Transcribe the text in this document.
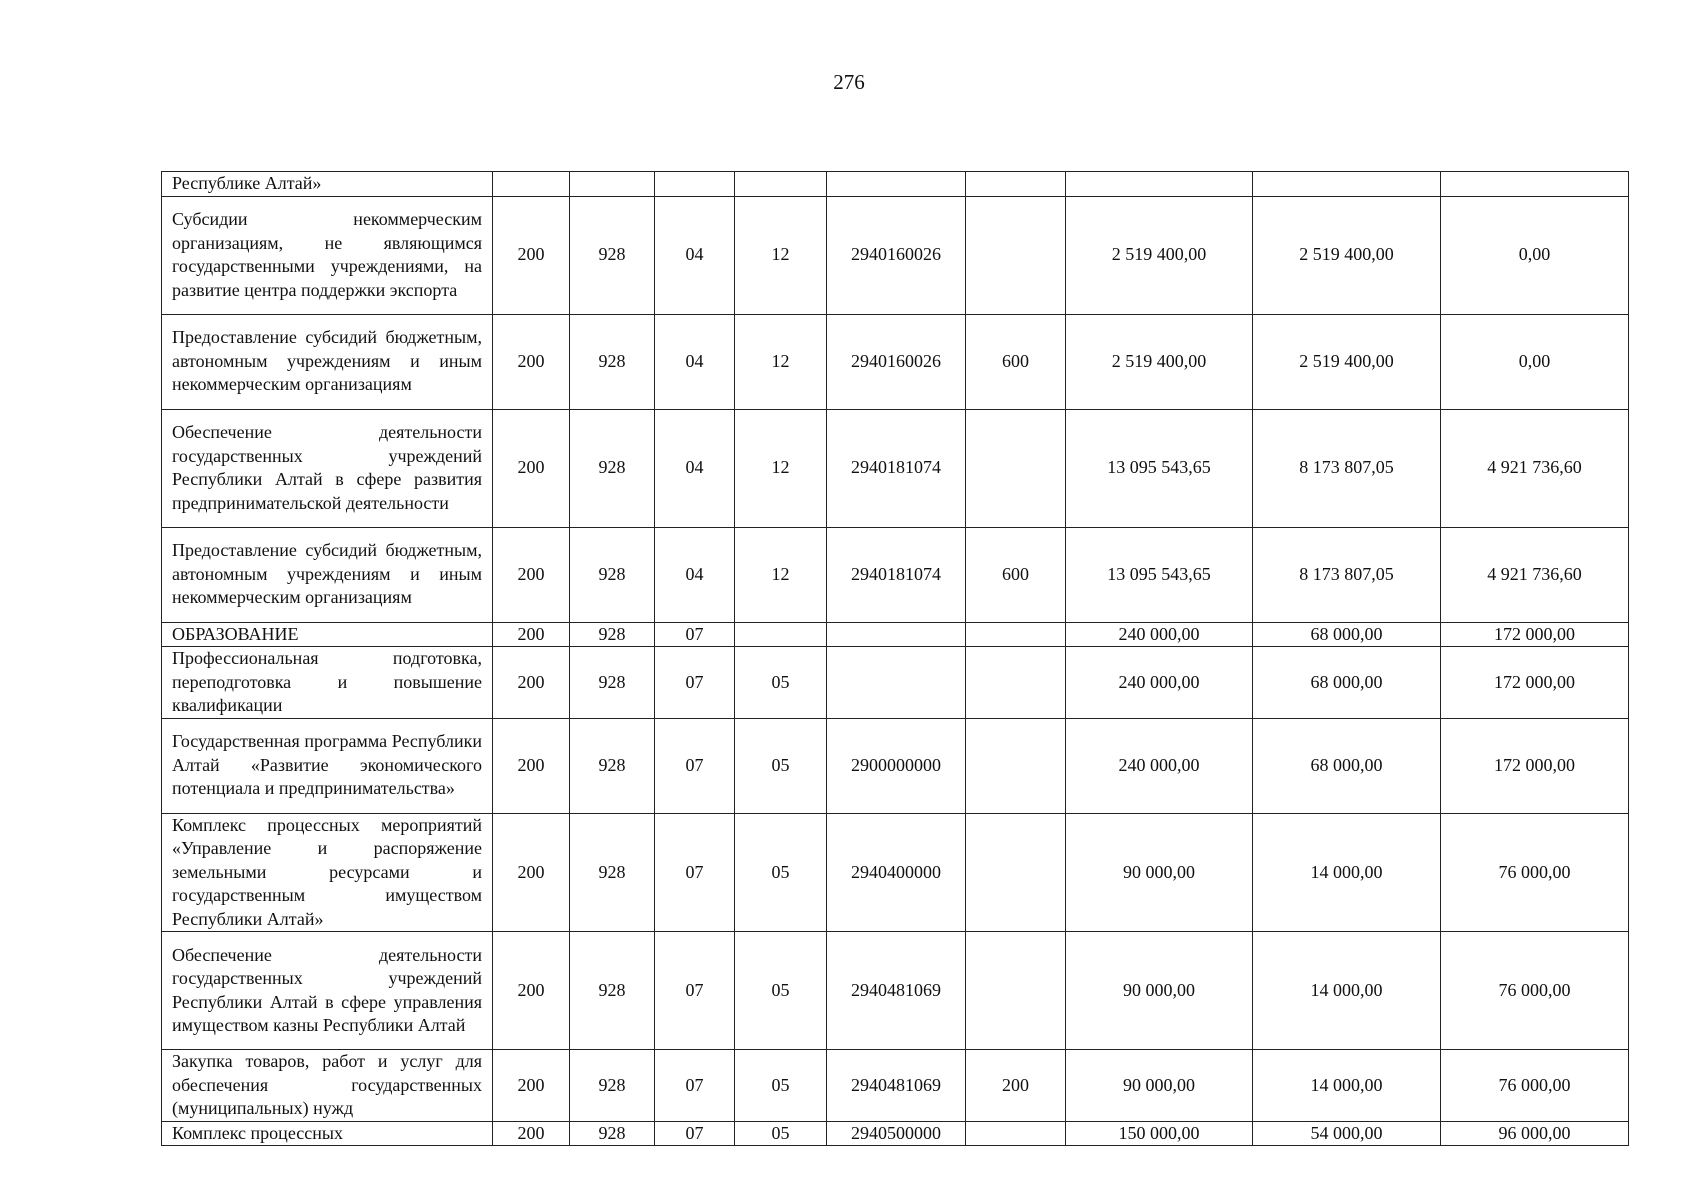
276
Республике Алтай»									
Субсидии некоммерческим организациям, не являющимся государственными учреждениями, на развитие центра поддержки экспорта	200	928	04	12	2940160026		2 519 400,00	2 519 400,00	0,00
Предоставление субсидий бюджетным, автономным учреждениям и иным некоммерческим организациям	200	928	04	12	2940160026	600	2 519 400,00	2 519 400,00	0,00
Обеспечение деятельности государственных учреждений Республики Алтай в сфере развития предпринимательской деятельности	200	928	04	12	2940181074		13 095 543,65	8 173 807,05	4 921 736,60
Предоставление субсидий бюджетным, автономным учреждениям и иным некоммерческим организациям	200	928	04	12	2940181074	600	13 095 543,65	8 173 807,05	4 921 736,60
ОБРАЗОВАНИЕ	200	928	07				240 000,00	68 000,00	172 000,00
Профессиональная подготовка, переподготовка и повышение квалификации	200	928	07	05			240 000,00	68 000,00	172 000,00
Государственная программа Республики Алтай «Развитие экономического потенциала и предпринимательства»	200	928	07	05	2900000000		240 000,00	68 000,00	172 000,00
Комплекс процессных мероприятий «Управление и распоряжение земельными ресурсами и государственным имуществом Республики Алтай»	200	928	07	05	2940400000		90 000,00	14 000,00	76 000,00
Обеспечение деятельности государственных учреждений Республики Алтай в сфере управления имуществом казны Республики Алтай	200	928	07	05	2940481069		90 000,00	14 000,00	76 000,00
Закупка товаров, работ и услуг для обеспечения государственных (муниципальных) нужд	200	928	07	05	2940481069	200	90 000,00	14 000,00	76 000,00
Комплекс процессных	200	928	07	05	2940500000		150 000,00	54 000,00	96 000,00
